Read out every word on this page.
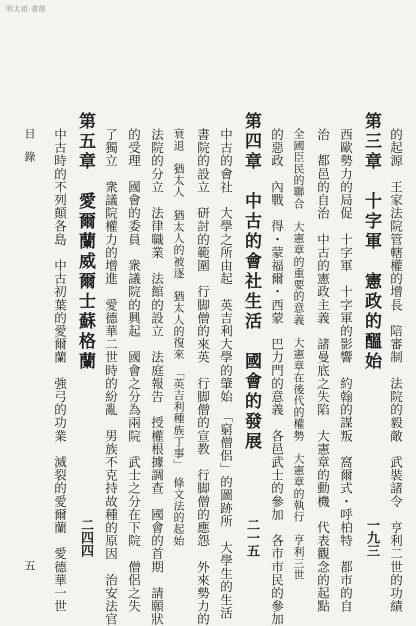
明太祖·書館
的起源　王家法院管轄權的增長　陪審制　法院的毅敵　武裝諸令　亨利二世的功績
第三章　十字軍　憲政的醞始
一九三
西歐勢力的局促　十字軍　十字軍的影響　約翰的謀叛　窩爾式・呼柏特　都市的自
治　都邑的自治　中古的憲政主義　諸曼底之失陷　大憲章的動機　代表觀念的起點
全國臣民的聯合　大憲章的重要的意義　大憲章在後代的權勢　大憲章的執行　亨利三世
的惡政　內戰　得・蒙福爾・西蒙　巴力門的意義　各邑武士的參加　各市市民的參加
第四章　中古的會社生活　國會的發展
二一五
中古的會社　大學之所由起　英吉利大學的肇始　「窮僧侶」的圖跡所　大學生的生活
書院的設立　研討的範圍　行脚僧的來英　行脚僧的宣教　行脚僧的應怨　外來勢力的
衰退　猶太人　猶太人的被逐　猶太人的復來　「英吉利種族丁事」　條文法的起始
法院的分立　法律職業　法館的設立　法庭報告　授權根據調查　國會的首期　請願狀
的受理　國會的委員　衆議院的興起　國會之分為兩院　武士之分在下院　僧侶之失
了獨立　衆議院權力的增進　愛德華二世時的紛亂　男族不克持故種的原因　治安法官
第五章　愛爾蘭威爾士蘇格蘭
二四四
中古時的不列顛各島　中古初葉的愛爾蘭　強弓的功業　滅裂的愛爾蘭　愛德華一世
目錄
五
